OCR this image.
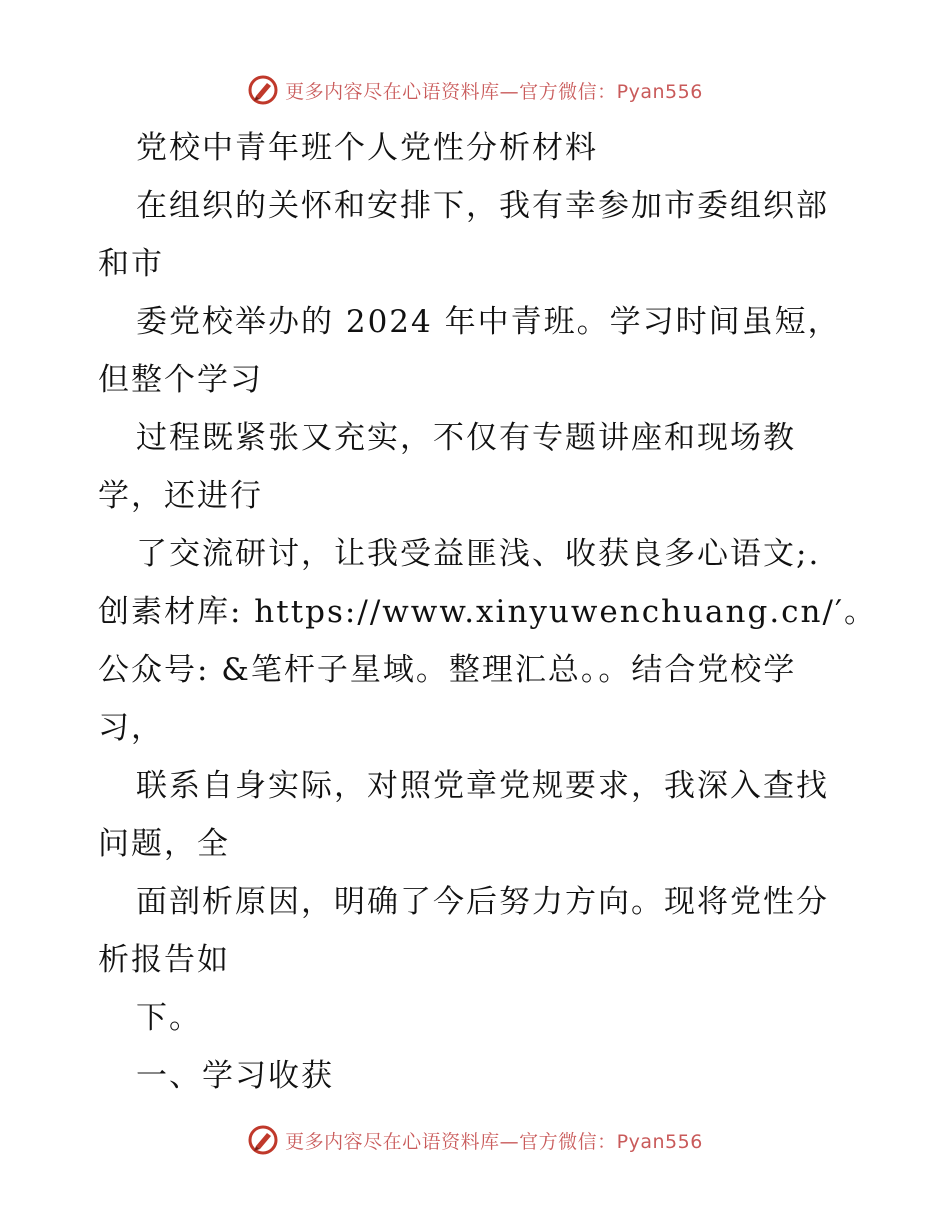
更多内容尽在心语资料库—官方微信：Pyan556
党校中青年班个人党性分析材料
在组织的关怀和安排下，我有幸参加市委组织部
和市
委党校举办的 2024 年中青班。学习时间虽短，
但整个学习
过程既紧张又充实，不仅有专题讲座和现场教
学，还进行
了交流研讨，让我受益匪浅、收获良多心语文;.
创素材库: https://www.xinyuwenchuang.cn/′。
公众号: &笔杆子星域。整理汇总。。结合党校学
习，
联系自身实际，对照党章党规要求，我深入查找
问题，全
面剖析原因，明确了今后努力方向。现将党性分
析报告如
下。
一、学习收获
更多内容尽在心语资料库—官方微信：Pyan556
